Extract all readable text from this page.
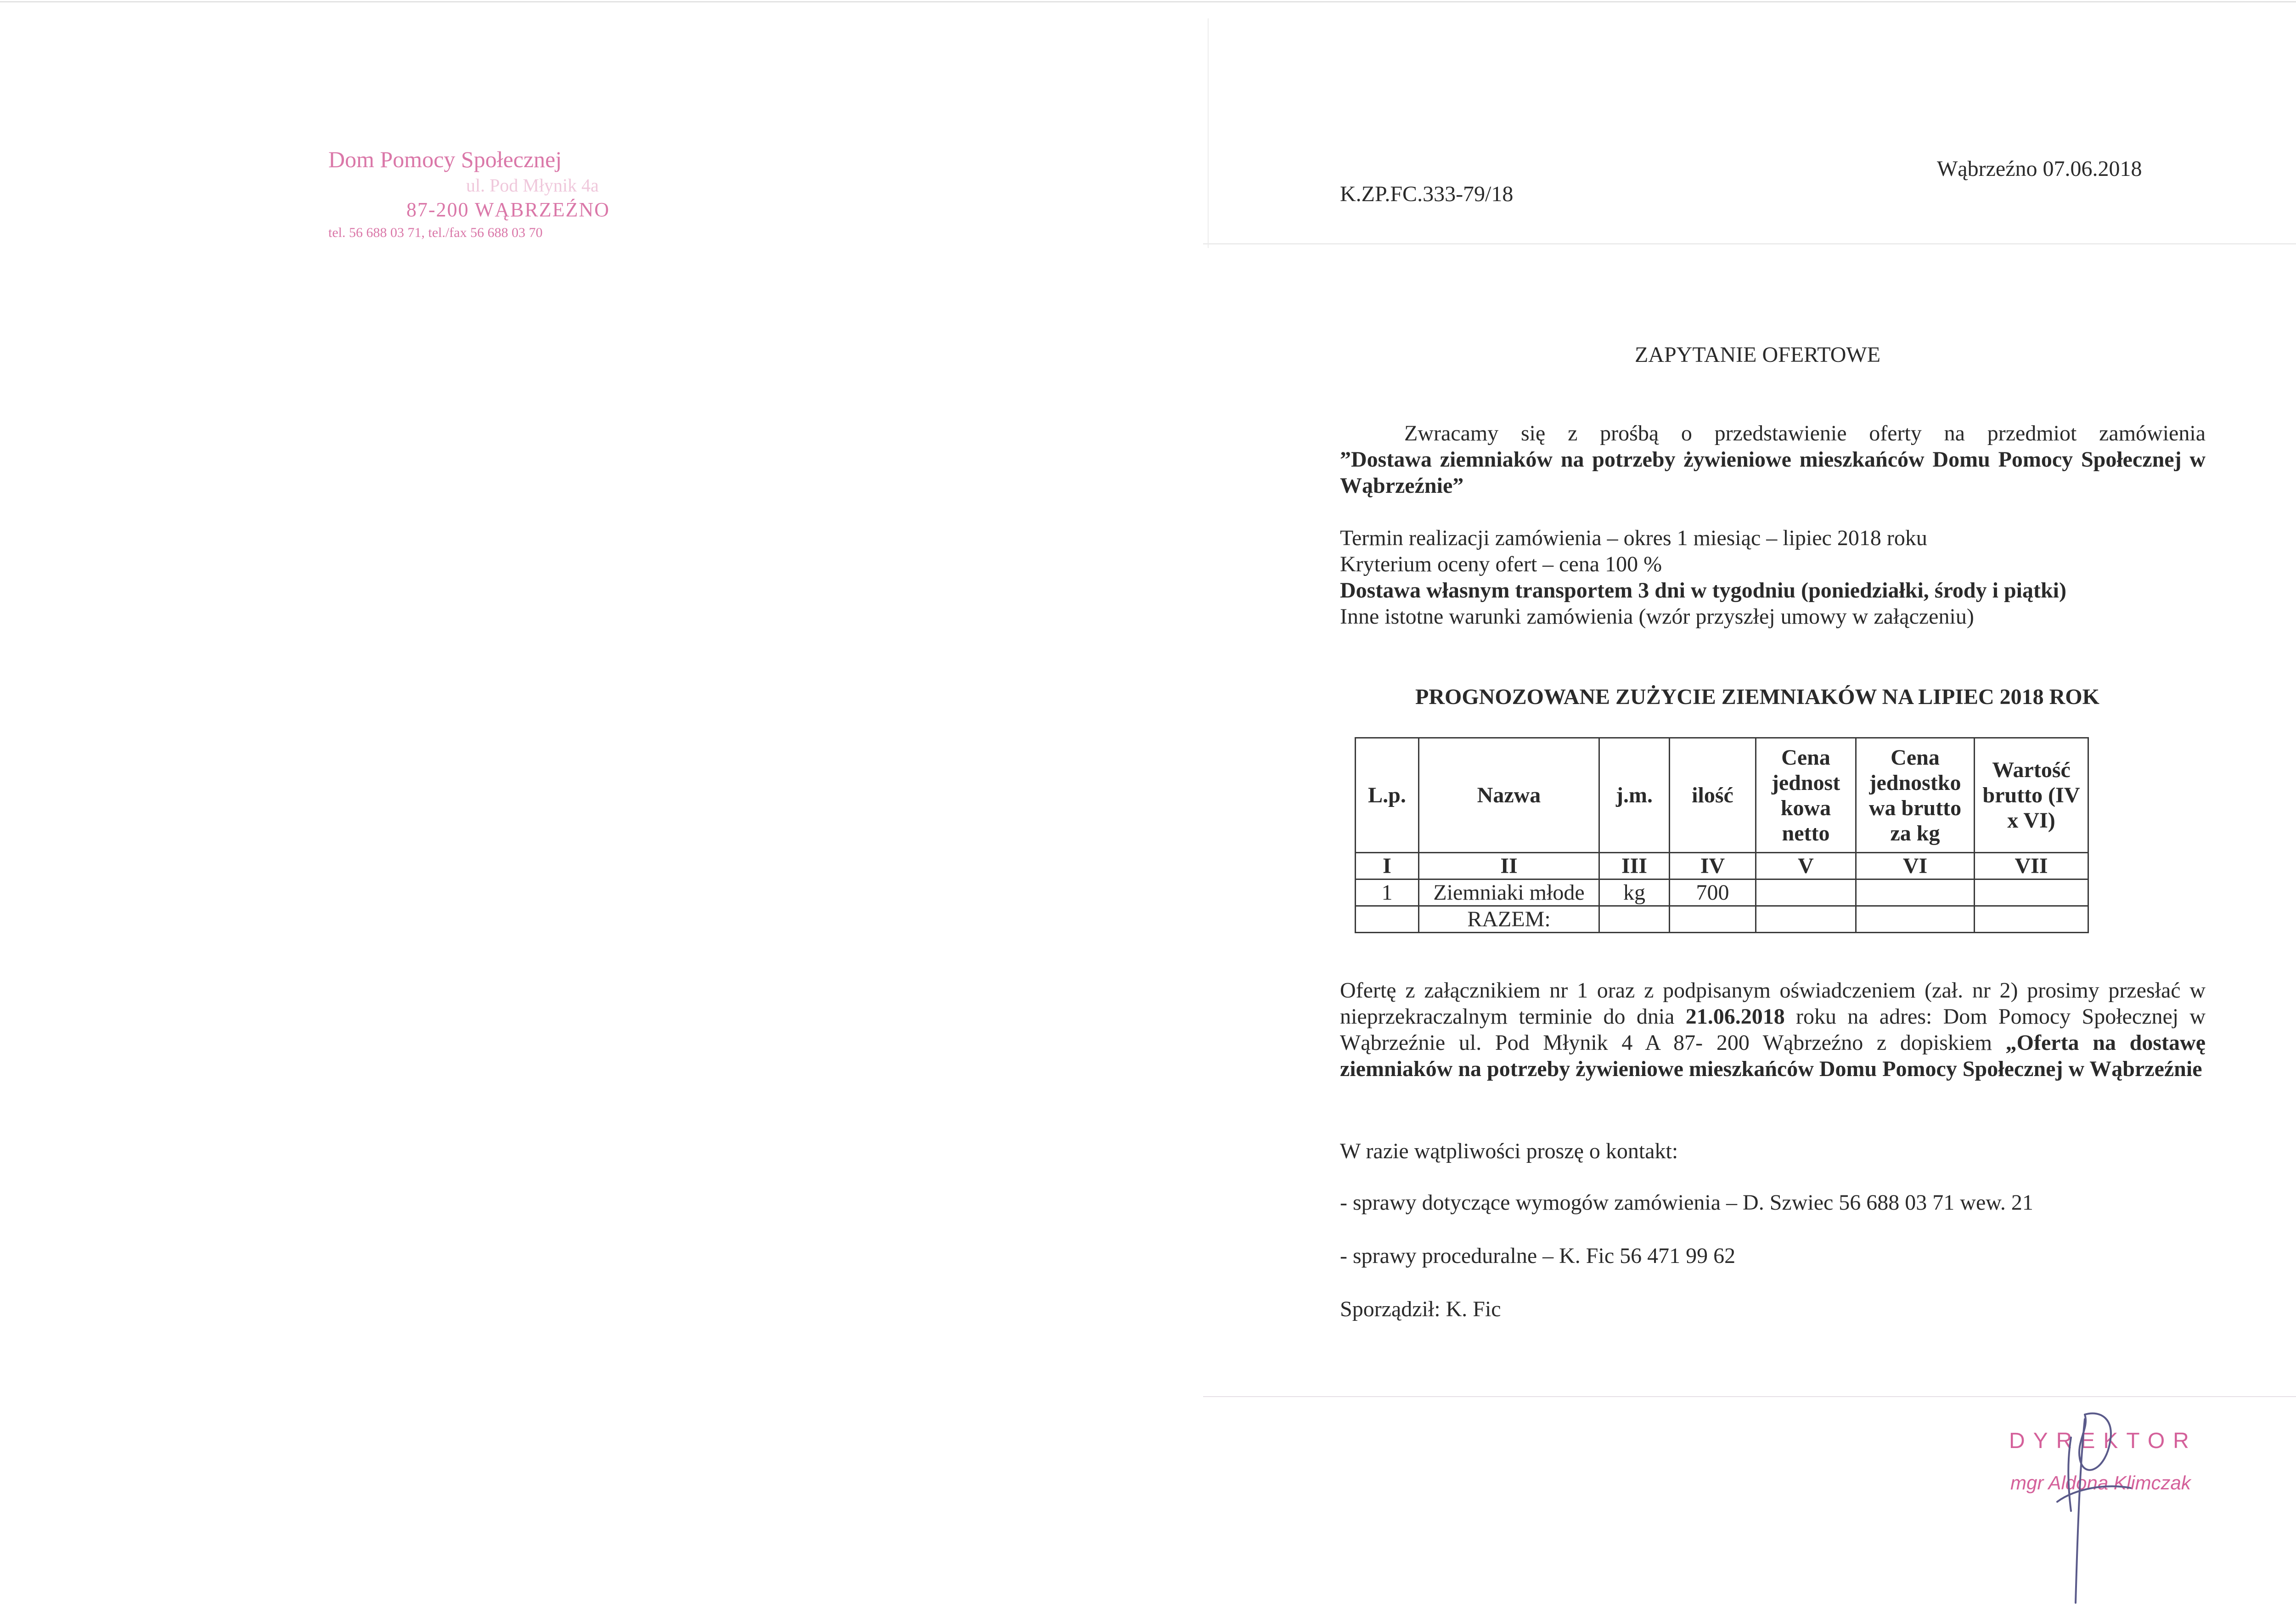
Dom Pomocy Społecznej
ul. Pod Młynik 4a
87-200 WĄBRZEŹNO
tel. 56 688 03 71, tel./fax 56 688 03 70
K.ZP.FC.333-79/18
Wąbrzeźno 07.06.2018
ZAPYTANIE OFERTOWE
Zwracamy się z prośbą o przedstawienie oferty na przedmiot zamówienia
”Dostawa ziemniaków na potrzeby żywieniowe mieszkańców Domu Pomocy Społecznej w Wąbrzeźnie”
Termin realizacji zamówienia – okres 1 miesiąc – lipiec 2018 roku
Kryterium oceny ofert – cena 100 %
Dostawa własnym transportem 3 dni w tygodniu (poniedziałki, środy i piątki)
Inne istotne warunki zamówienia (wzór przyszłej umowy w załączeniu)
PROGNOZOWANE ZUŻYCIE ZIEMNIAKÓW NA LIPIEC 2018 ROK
L.p.	Nazwa	j.m.	ilość	Cena jednost kowa netto	Cena jednostko wa brutto za kg	Wartość brutto (IV x VI)
I	II	III	IV	V	VI	VII
1	Ziemniaki młode	kg	700			
	RAZEM:					
Ofertę z załącznikiem nr 1 oraz z podpisanym oświadczeniem (zał. nr 2) prosimy przesłać w nieprzekraczalnym terminie do dnia 21.06.2018 roku na adres: Dom Pomocy Społecznej w Wąbrzeźnie ul. Pod Młynik 4 A 87- 200 Wąbrzeźno z dopiskiem „Oferta na dostawę ziemniaków na potrzeby żywieniowe mieszkańców Domu Pomocy Społecznej w Wąbrzeźnie
W razie wątpliwości proszę o kontakt:
- sprawy dotyczące wymogów zamówienia – D. Szwiec 56 688 03 71 wew. 21
- sprawy proceduralne – K. Fic 56 471 99 62
Sporządził: K. Fic
DYREKTOR
mgr Aldona Klimczak
